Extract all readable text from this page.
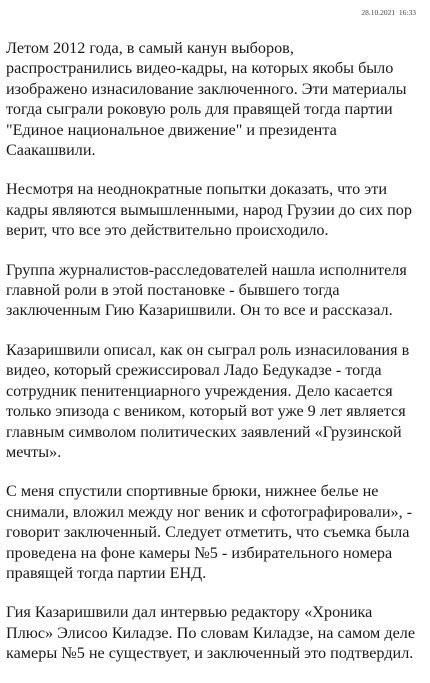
28.10.2021 16:33

Летом 2012 года, в самый канун выборов,
распространились видео-кадры, на которых якобы было
изображено изнасилование заключенного. Эти материалы
тогда сыграли роковую роль для правящей тогда партии
"Единое национальное движение" и президента
Саакашвили.

Несмотря на неоднократные попытки доказать, что эти
кадры являются вымышленными, народ Грузии до сих пор
верит, что все это действительно происходило.

Группа журналистов-расследователей нашла исполнителя
главной роли в этой постановке - бывшего тогда
заключенным Гию Казаришвили. Он то все и рассказал.

Казаришвили описал, как он сыграл роль изнасилования в
видео, который срежиссировал Ладо Бедукадзе - тогда
сотрудник пенитенциарного учреждения. Дело касается
только эпизода с веником, который вот уже 9 лет является
главным символом политических заявлений «Грузинской
мечты».

С меня спустили спортивные брюки, нижнее белье не
снимали, вложил между ног веник и сфотографировали», -
говорит заключенный. Следует отметить, что съемка была
проведена на фоне камеры №5 - избирательного номера
правящей тогда партии ЕНД.

Гия Казаришвили дал интервью редактору «Хроника
Плюс» Элисоо Киладзе. По словам Киладзе, на самом деле
камеры №5 не существует, и заключенный это подтвердил.
